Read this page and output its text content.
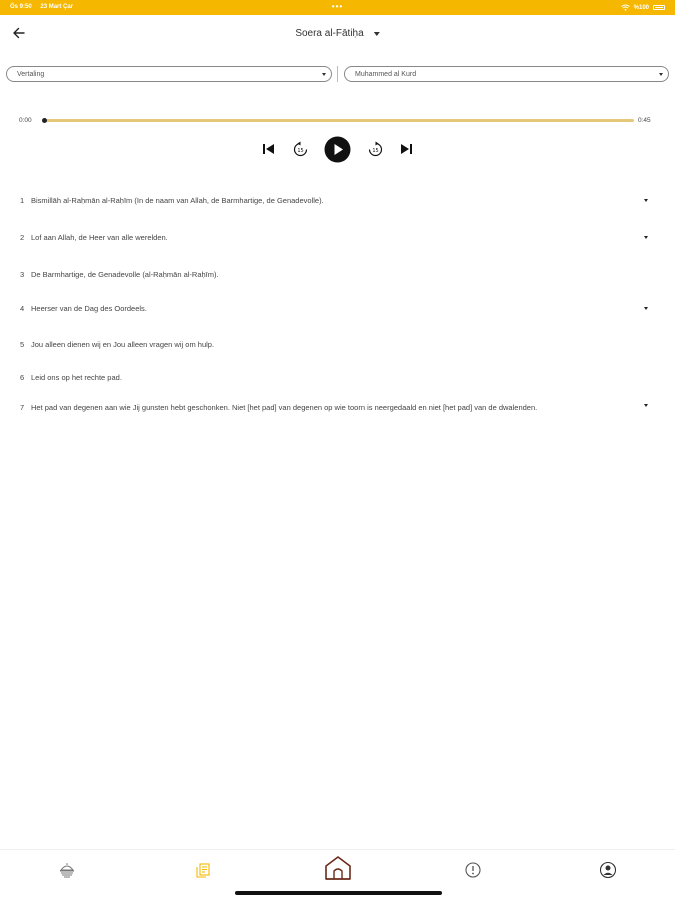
Ös 9:50 23 Mart Çar	•••	%100
Soera al-Fātiḥa
Vertaling	Muhammed al Kurd
0:00	0:45
15	15
1 Bismillāh al-Raḥmān al-Raḥīm (In de naam van Allah, de Barmhartige, de Genadevolle).
2 Lof aan Allah, de Heer van alle werelden.
3 De Barmhartige, de Genadevolle (al-Raḥmān al-Raḥīm).
4 Heerser van de Dag des Oordeels.
5 Jou alleen dienen wij en Jou alleen vragen wij om hulp.
6 Leid ons op het rechte pad.
7 Het pad van degenen aan wie Jij gunsten hebt geschonken. Niet [het pad] van degenen op wie toorn is neergedaald en niet [het pad] van de dwalenden.
